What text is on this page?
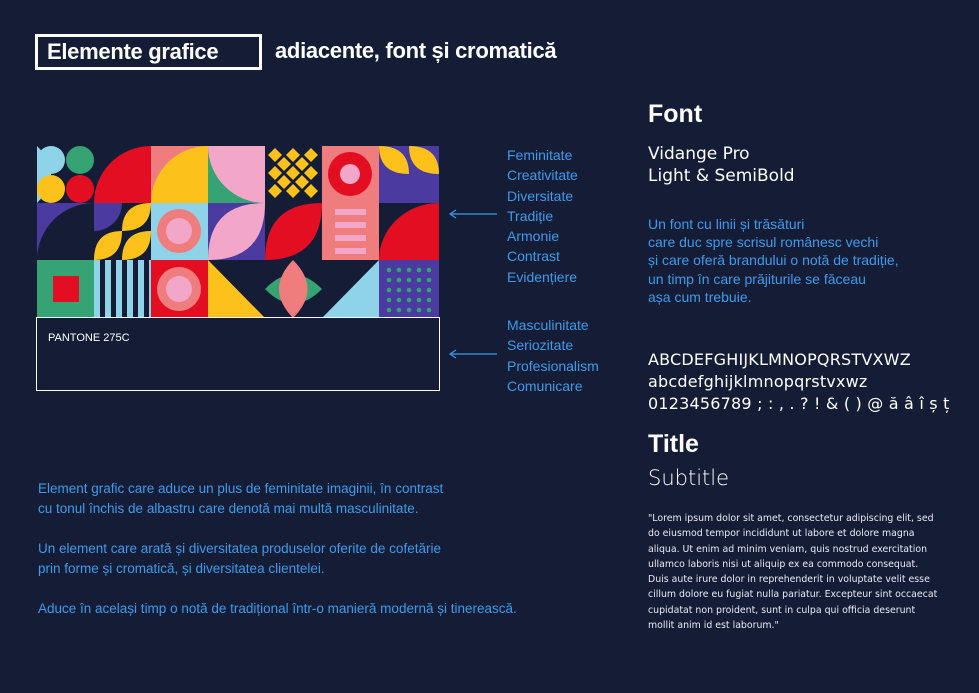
Elemente grafice	adiacente, font și cromatică
PANTONE 275C
Feminitate
Creativitate
Diversitate
Tradiție
Armonie
Contrast
Evidențiere
Masculinitate
Seriozitate
Profesionalism
Comunicare
Element grafic care aduce un plus de feminitate imaginii, în contrast
cu tonul închis de albastru care denotă mai multă masculinitate.
Un element care arată și diversitatea produselor oferite de cofetărie
prin forme și cromatică, și diversitatea clientelei.
Aduce în același timp o notă de tradițional într-o manieră modernă și tinerească.
Font
Vidange Pro
Light & SemiBold
Un font cu linii și trăsături
care duc spre scrisul românesc vechi
și care oferă brandului o notă de tradiție,
un timp în care prăjiturile se făceau
așa cum trebuie.
ABCDEFGHIJKLMNOPQRSTVXWZ
abcdefghijklmnopqrstvxwz
0123456789 ; : , . ? ! & ( ) @ ă â î ș ț
Title
Subtitle
"Lorem ipsum dolor sit amet, consectetur adipiscing elit, sed do eiusmod tempor incididunt ut labore et dolore magna aliqua. Ut enim ad minim veniam, quis nostrud exercitation ullamco laboris nisi ut aliquip ex ea commodo consequat. Duis aute irure dolor in reprehenderit in voluptate velit esse cillum dolore eu fugiat nulla pariatur. Excepteur sint occaecat cupidatat non proident, sunt in culpa qui officia deserunt mollit anim id est laborum."
